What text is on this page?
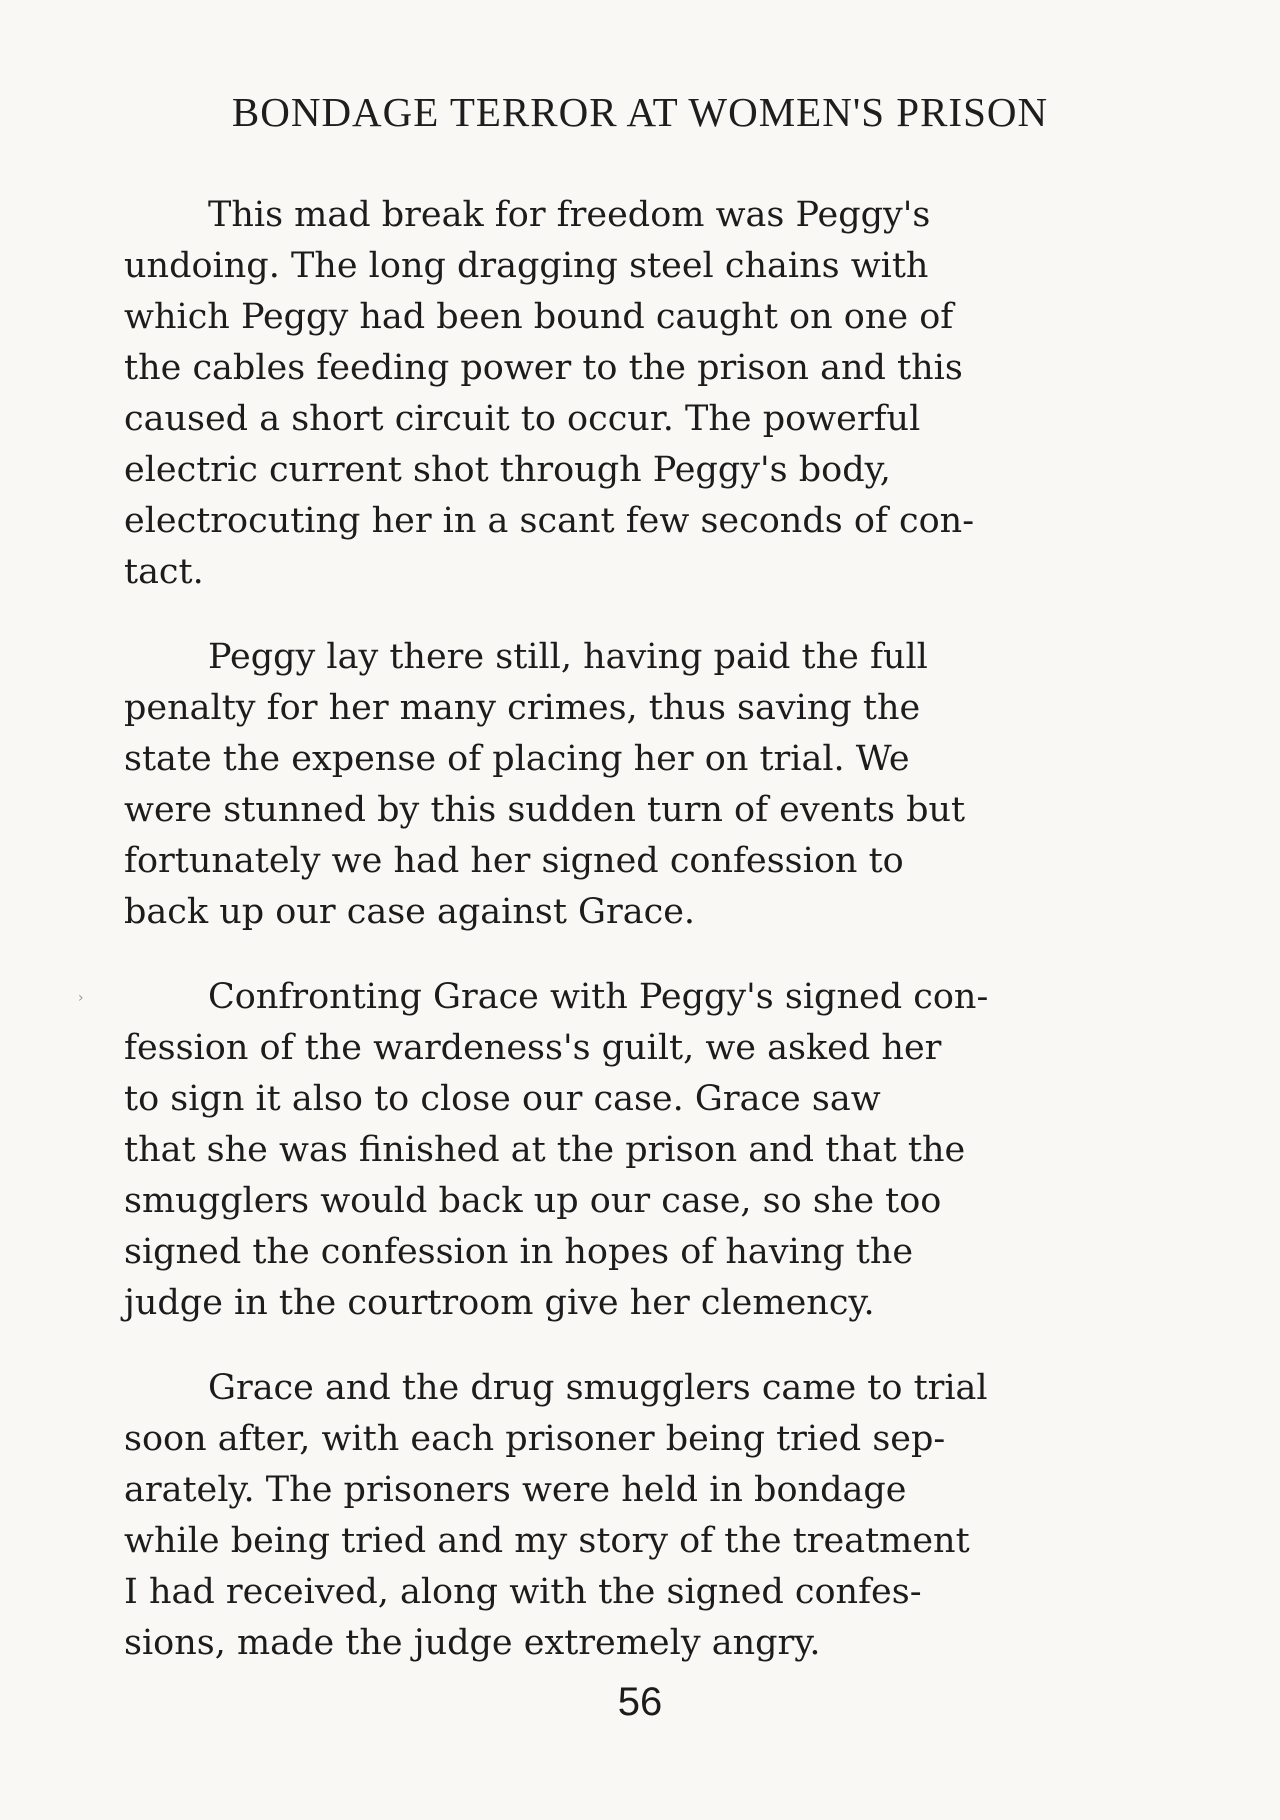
BONDAGE TERROR AT WOMEN'S PRISON
This mad break for freedom was Peggy's
undoing. The long dragging steel chains with
which Peggy had been bound caught on one of
the cables feeding power to the prison and this
caused a short circuit to occur. The powerful
electric current shot through Peggy's body,
electrocuting her in a scant few seconds of con-
tact.
Peggy lay there still, having paid the full
penalty for her many crimes, thus saving the
state the expense of placing her on trial. We
were stunned by this sudden turn of events but
fortunately we had her signed confession to
back up our case against Grace.
Confronting Grace with Peggy's signed con-
fession of the wardeness's guilt, we asked her
to sign it also to close our case. Grace saw
that she was finished at the prison and that the
smugglers would back up our case, so she too
signed the confession in hopes of having the
judge in the courtroom give her clemency.
Grace and the drug smugglers came to trial
soon after, with each prisoner being tried sep-
arately. The prisoners were held in bondage
while being tried and my story of the treatment
I had received, along with the signed confes-
sions, made the judge extremely angry.
›
56
